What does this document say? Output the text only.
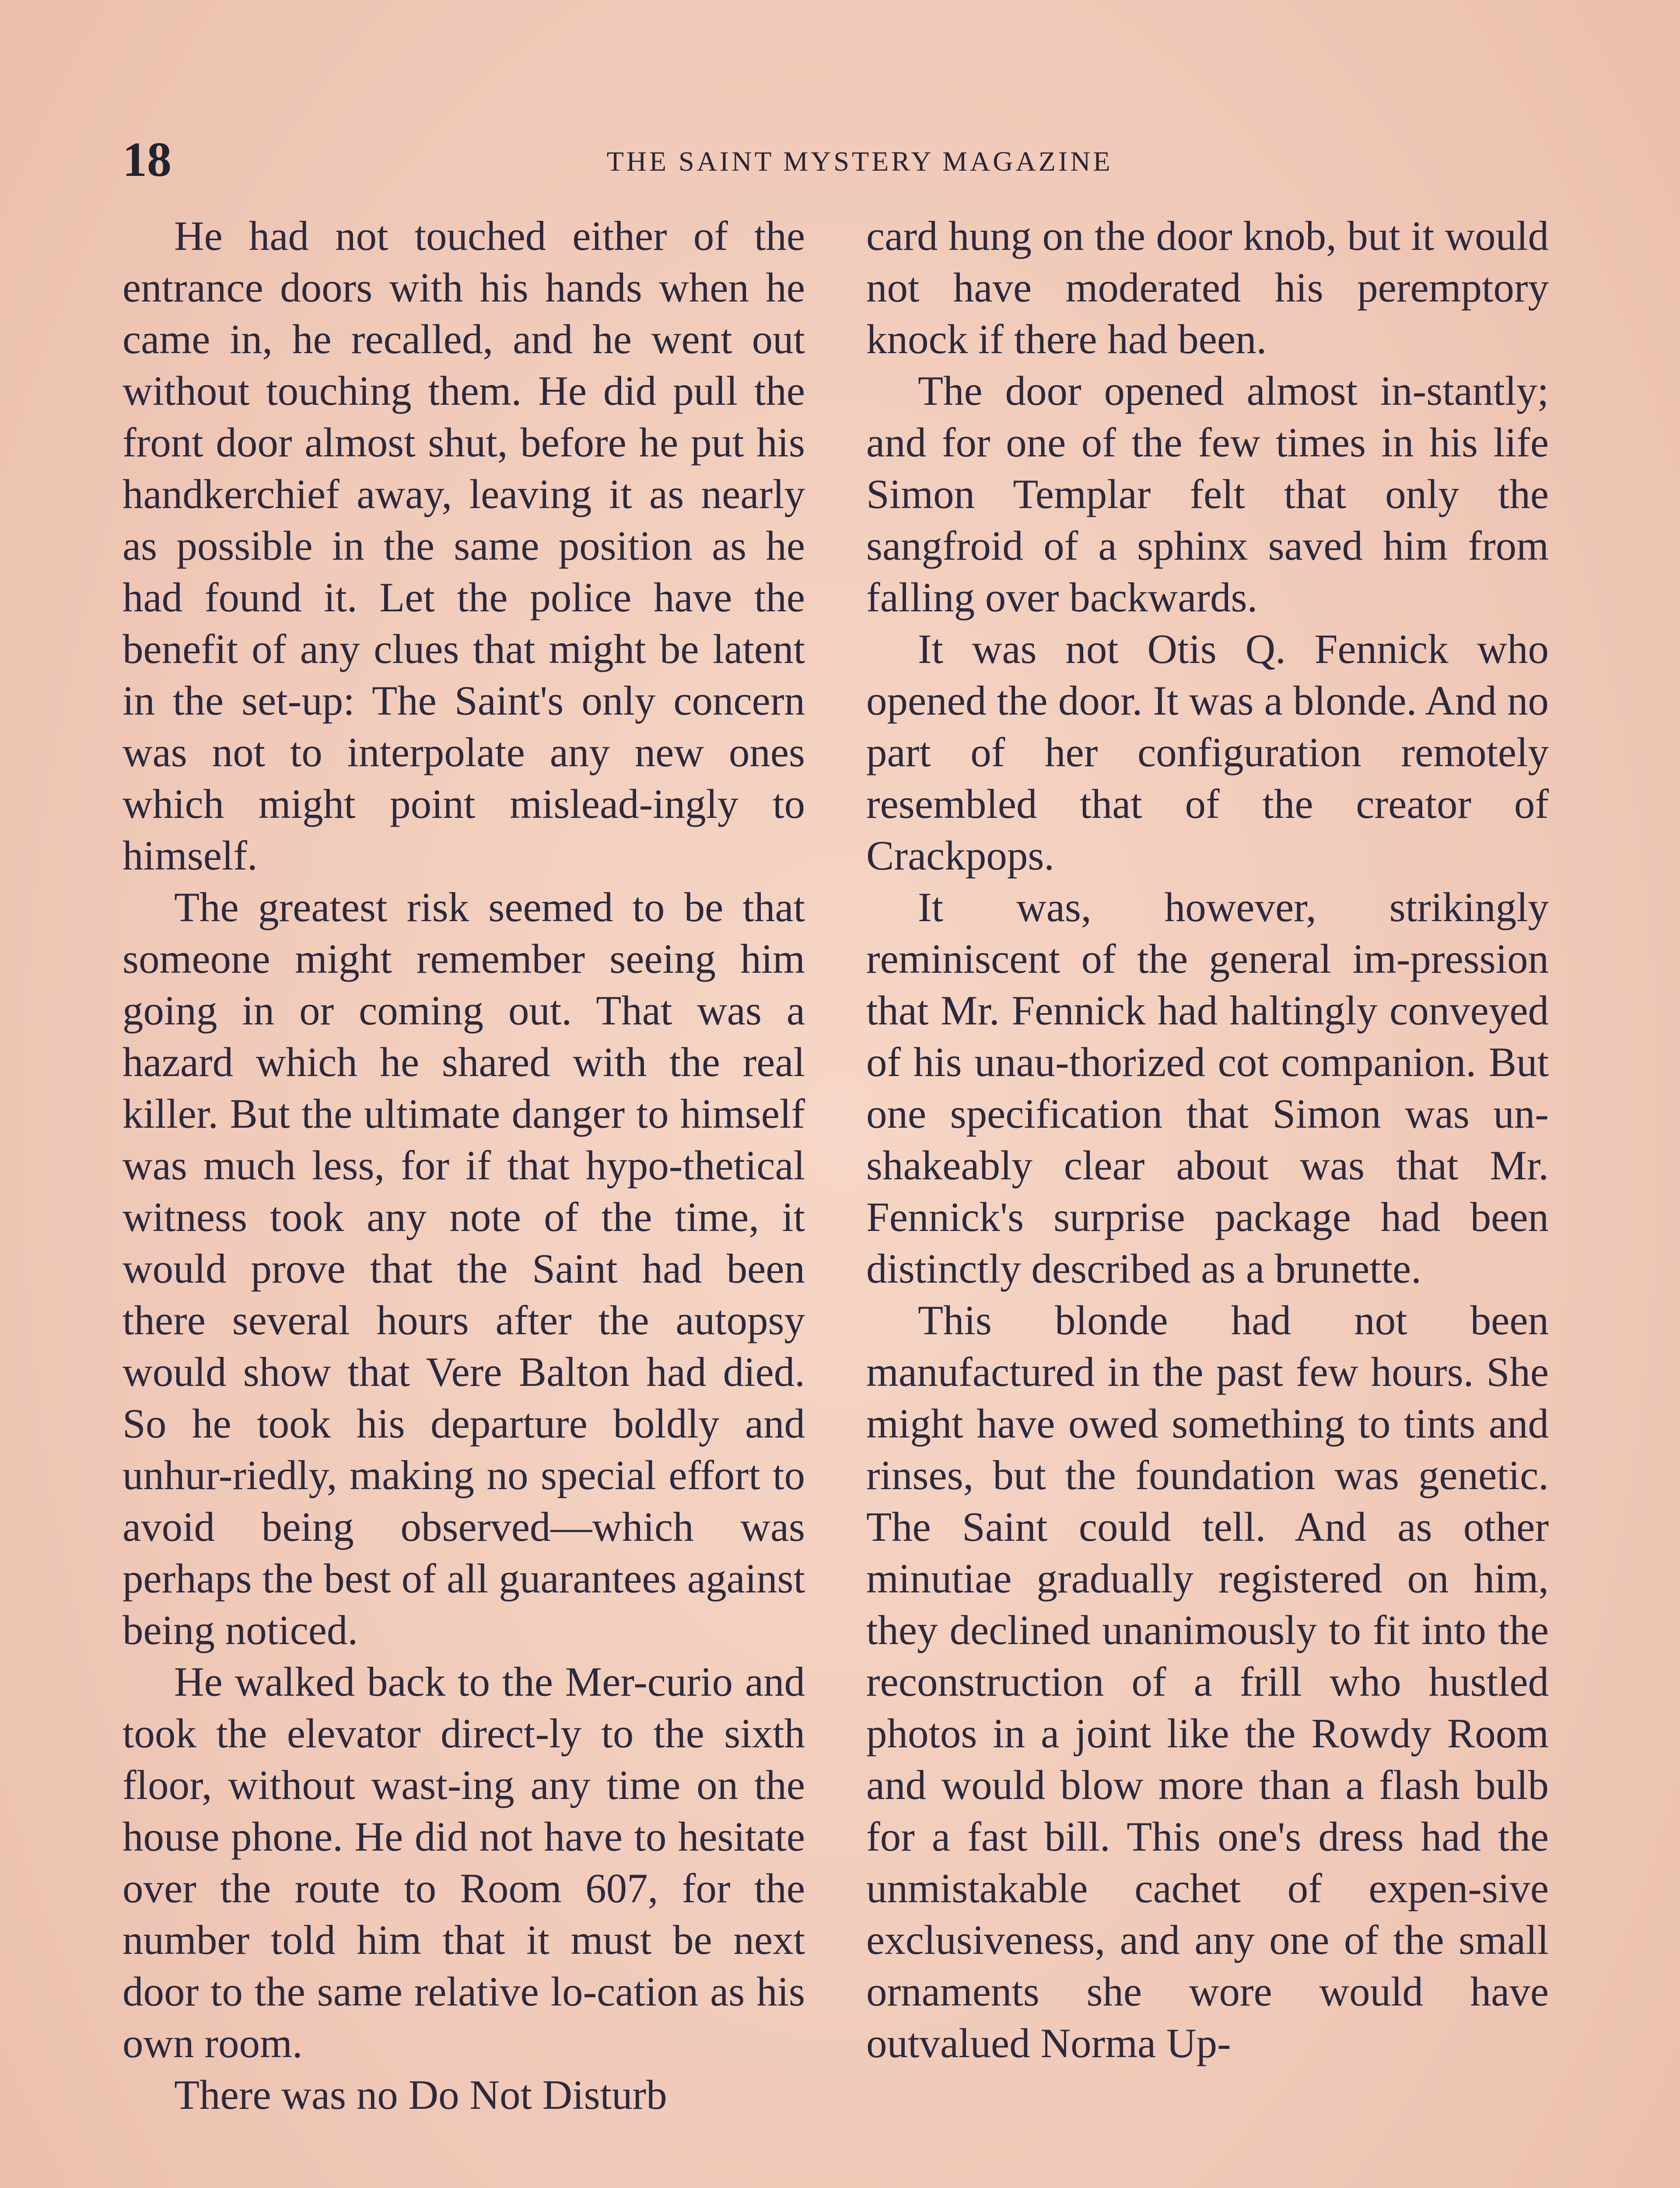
18	THE SAINT MYSTERY MAGAZINE

He had not touched either of the entrance doors with his hands when he came in, he recalled, and he went out without touching them. He did pull the front door almost shut, before he put his handkerchief away, leaving it as nearly as possible in the same position as he had found it. Let the police have the benefit of any clues that might be latent in the set-up: The Saint's only concern was not to interpolate any new ones which might point mislead-ingly to himself.

The greatest risk seemed to be that someone might remember seeing him going in or coming out. That was a hazard which he shared with the real killer. But the ultimate danger to himself was much less, for if that hypo-thetical witness took any note of the time, it would prove that the Saint had been there several hours after the autopsy would show that Vere Balton had died. So he took his departure boldly and unhur-riedly, making no special effort to avoid being observed—which was perhaps the best of all guarantees against being noticed.

He walked back to the Mer-curio and took the elevator direct-ly to the sixth floor, without wast-ing any time on the house phone. He did not have to hesitate over the route to Room 607, for the number told him that it must be next door to the same relative lo-cation as his own room.

There was no Do Not Disturb

card hung on the door knob, but it would not have moderated his peremptory knock if there had been.

The door opened almost in-stantly; and for one of the few times in his life Simon Templar felt that only the sangfroid of a sphinx saved him from falling over backwards.

It was not Otis Q. Fennick who opened the door. It was a blonde. And no part of her configuration remotely resembled that of the creator of Crackpops.

It was, however, strikingly reminiscent of the general im-pression that Mr. Fennick had haltingly conveyed of his unau-thorized cot companion. But one specification that Simon was un-shakeably clear about was that Mr. Fennick's surprise package had been distinctly described as a brunette.

This blonde had not been manufactured in the past few hours. She might have owed something to tints and rinses, but the foundation was genetic. The Saint could tell. And as other minutiae gradually registered on him, they declined unanimously to fit into the reconstruction of a frill who hustled photos in a joint like the Rowdy Room and would blow more than a flash bulb for a fast bill. This one's dress had the unmistakable cachet of expen-sive exclusiveness, and any one of the small ornaments she wore would have outvalued Norma Up-
